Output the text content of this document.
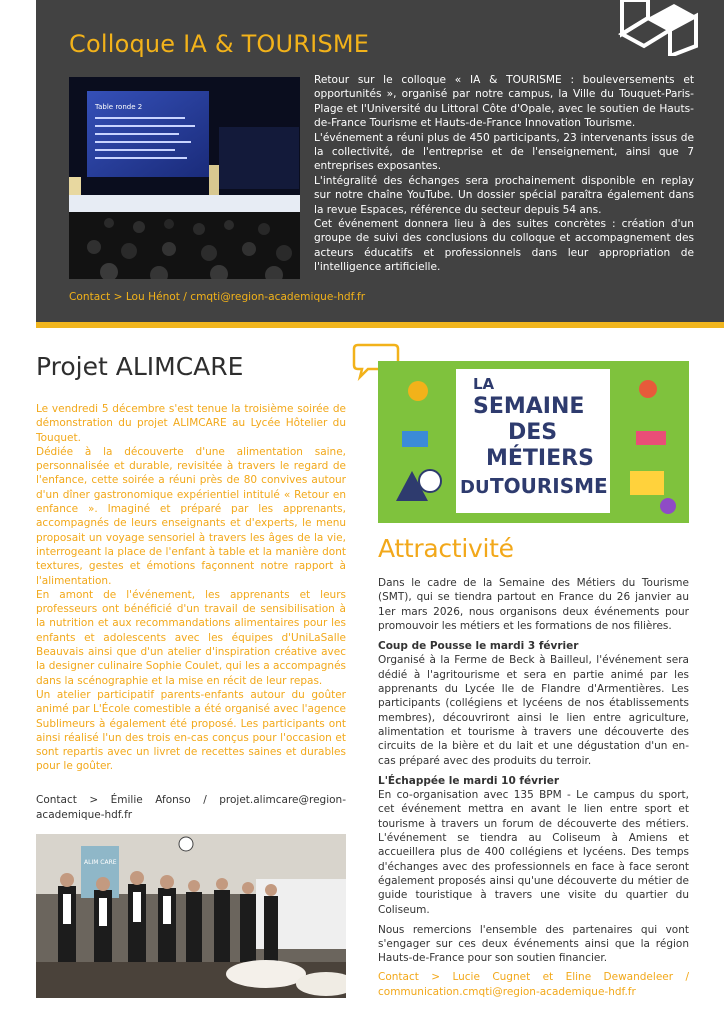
Colloque IA & TOURISME
Table ronde 2

Retour sur le colloque « IA & TOURISME : bouleversements et opportunités », organisé par notre campus, la Ville du Touquet-Paris-Plage et l'Université du Littoral Côte d'Opale, avec le soutien de Hauts-de-France Tourisme et Hauts-de-France Innovation Tourisme.

L'événement a réuni plus de 450 participants, 23 intervenants issus de la collectivité, de l'entreprise et de l'enseignement, ainsi que 7 entreprises exposantes.

L'intégralité des échanges sera prochainement disponible en replay sur notre chaîne YouTube. Un dossier spécial paraîtra également dans la revue Espaces, référence du secteur depuis 54 ans.

Cet événement donnera lieu à des suites concrètes : création d'un groupe de suivi des conclusions du colloque et accompagnement des acteurs éducatifs et professionnels dans leur appropriation de l'intelligence artificielle.

Contact > Lou Hénot / cmqti@region-academique-hdf.fr
Projet ALIMCARE

Le vendredi 5 décembre s'est tenue la troisième soirée de démonstration du projet ALIMCARE au Lycée Hôtelier du Touquet.

Dédiée à la découverte d'une alimentation saine, personnalisée et durable, revisitée à travers le regard de l'enfance, cette soirée a réuni près de 80 convives autour d'un dîner gastronomique expérientiel intitulé « Retour en enfance ». Imaginé et préparé par les apprenants, accompagnés de leurs enseignants et d'experts, le menu proposait un voyage sensoriel à travers les âges de la vie, interrogeant la place de l'enfant à table et la manière dont textures, gestes et émotions façonnent notre rapport à l'alimentation.

En amont de l'événement, les apprenants et leurs professeurs ont bénéficié d'un travail de sensibilisation à la nutrition et aux recommandations alimentaires pour les enfants et adolescents avec les équipes d'UniLaSalle Beauvais ainsi que d'un atelier d'inspiration créative avec la designer culinaire Sophie Coulet, qui les a accompagnés dans la scénographie et la mise en récit de leur repas.

Un atelier participatif parents-enfants autour du goûter animé par L'École comestible a été organisé avec l'agence Sublimeurs à également été proposé. Les participants ont ainsi réalisé l'un des trois en-cas conçus pour l'occasion et sont repartis avec un livret de recettes saines et durables pour le goûter.

Contact > Émilie Afonso / projet.alimcare@region-academique-hdf.fr
ALIM CARE
LA
SEMAINE
DES
MÉTIERS
DU TOURISME
Attractivité

Dans le cadre de la Semaine des Métiers du Tourisme (SMT), qui se tiendra partout en France du 26 janvier au 1er mars 2026, nous organisons deux événements pour promouvoir les métiers et les formations de nos filières.

Coup de Pousse le mardi 3 février

Organisé à la Ferme de Beck à Bailleul, l'événement sera dédié à l'agritourisme et sera en partie animé par les apprenants du Lycée Ile de Flandre d'Armentières. Les participants (collégiens et lycéens de nos établissements membres), découvriront ainsi le lien entre agriculture, alimentation et tourisme à travers une découverte des circuits de la bière et du lait et une dégustation d'un en-cas préparé avec des produits du terroir.

L'Échappée le mardi 10 février

En co-organisation avec 135 BPM - Le campus du sport, cet événement mettra en avant le lien entre sport et tourisme à travers un forum de découverte des métiers. L'événement se tiendra au Coliseum à Amiens et accueillera plus de 400 collégiens et lycéens. Des temps d'échanges avec des professionnels en face à face seront également proposés ainsi qu'une découverte du métier de guide touristique à travers une visite du quartier du Coliseum.

Nous remercions l'ensemble des partenaires qui vont s'engager sur ces deux événements ainsi que la région Hauts-de-France pour son soutien financier.

Contact > Lucie Cugnet et Eline Dewandeleer / communication.cmqti@region-academique-hdf.fr
